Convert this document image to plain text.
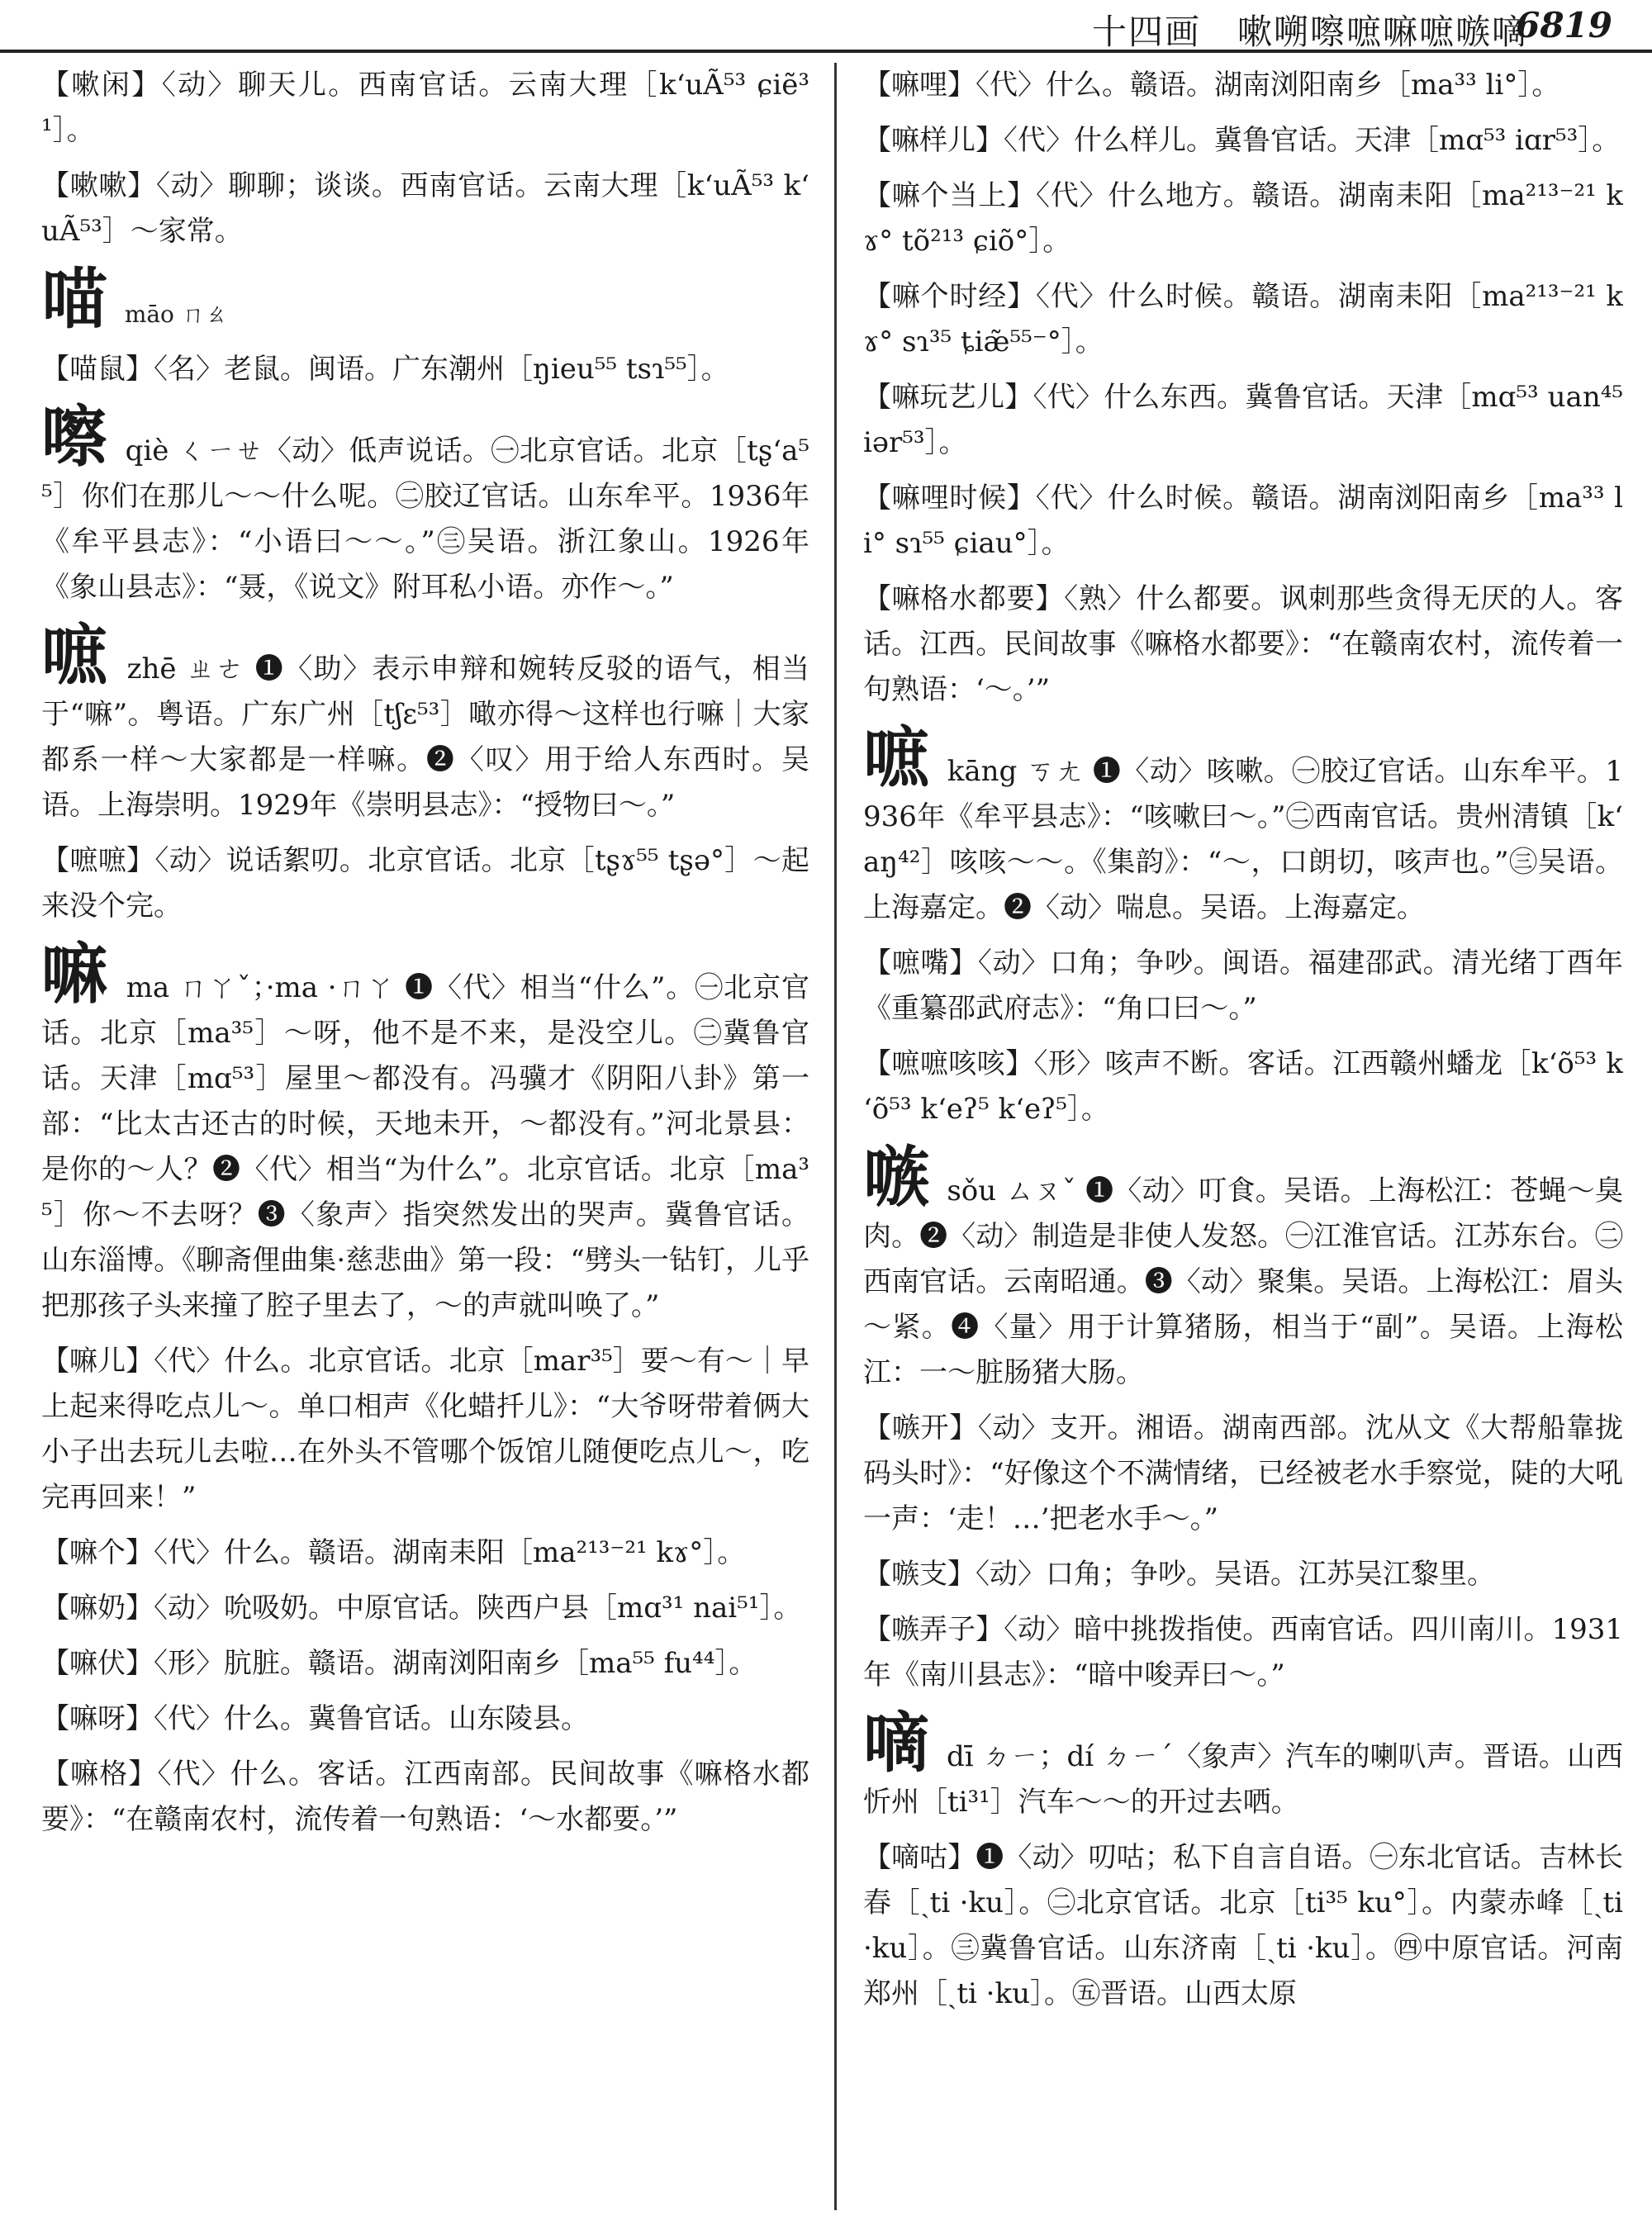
十四画　嗽嗍嚓嗻嘛嗻嗾嘀
6819
【嗽闲】〈动〉聊天儿。西南官话。云南大理［kʻuÃ⁵³ ɕiẽ³¹］。
【嗽嗽】〈动〉聊聊；谈谈。西南官话。云南大理［kʻuÃ⁵³ kʻuÃ⁵³］～家常。
喵 māo ㄇㄠ
【喵鼠】〈名〉老鼠。闽语。广东潮州［ŋieu⁵⁵ tsɿ⁵⁵］。
嚓 qiè ㄑㄧㄝ〈动〉低声说话。㊀北京官话。北京［tʂʻa⁵⁵］你们在那儿～～什么呢。㊁胶辽官话。山东牟平。1936年《牟平县志》：“小语曰～～。”㊂吴语。浙江象山。1926年《象山县志》：“聂，《说文》附耳私小语。亦作～。”
嗻 zhē ㄓㄜ ❶〈助〉表示申辩和婉转反驳的语气，相当于“嘛”。粤语。广东广州［tʃɛ⁵³］噉亦得～这样也行嘛｜大家都系一样～大家都是一样嘛。❷〈叹〉用于给人东西时。吴语。上海崇明。1929年《崇明县志》：“授物曰～。”
【嗻嗻】〈动〉说话絮叨。北京官话。北京［tʂɤ⁵⁵ tʂə°］～起来没个完。
嘛 ma ㄇㄚˇ；·ma ·ㄇㄚ ❶〈代〉相当“什么”。㊀北京官话。北京［ma³⁵］～呀，他不是不来，是没空儿。㊁冀鲁官话。天津［mɑ⁵³］屋里～都没有。冯骥才《阴阳八卦》第一部：“比太古还古的时候，天地未开，～都没有。”河北景县：是你的～人？❷〈代〉相当“为什么”。北京官话。北京［ma³⁵］你～不去呀？❸〈象声〉指突然发出的哭声。冀鲁官话。山东淄博。《聊斋俚曲集·慈悲曲》第一段：“劈头一钻钉，儿乎把那孩子头来撞了腔子里去了，～的声就叫唤了。”
【嘛儿】〈代〉什么。北京官话。北京［mar³⁵］要～有～｜早上起来得吃点儿～。单口相声《化蜡扦儿》：“大爷呀带着俩大小子出去玩儿去啦…在外头不管哪个饭馆儿随便吃点儿～，吃完再回来！”
【嘛个】〈代〉什么。赣语。湖南耒阳［ma²¹³⁻²¹ kɤ°］。
【嘛奶】〈动〉吮吸奶。中原官话。陕西户县［mɑ³¹ nai⁵¹］。
【嘛伏】〈形〉肮脏。赣语。湖南浏阳南乡［ma⁵⁵ fu⁴⁴］。
【嘛呀】〈代〉什么。冀鲁官话。山东陵县。
【嘛格】〈代〉什么。客话。江西南部。民间故事《嘛格水都要》：“在赣南农村，流传着一句熟语：‘～水都要。’”
【嘛哩】〈代〉什么。赣语。湖南浏阳南乡［ma³³ li°］。
【嘛样儿】〈代〉什么样儿。冀鲁官话。天津［mɑ⁵³ iɑr⁵³］。
【嘛个当上】〈代〉什么地方。赣语。湖南耒阳［ma²¹³⁻²¹ kɤ° tõ²¹³ ɕiõ°］。
【嘛个时经】〈代〉什么时候。赣语。湖南耒阳［ma²¹³⁻²¹ kɤ° sɿ³⁵ ȶiæ̃⁵⁵⁻°］。
【嘛玩艺儿】〈代〉什么东西。冀鲁官话。天津［mɑ⁵³ uan⁴⁵ iər⁵³］。
【嘛哩时候】〈代〉什么时候。赣语。湖南浏阳南乡［ma³³ li° sɿ⁵⁵ ɕiau°］。
【嘛格水都要】〈熟〉什么都要。讽刺那些贪得无厌的人。客话。江西。民间故事《嘛格水都要》：“在赣南农村，流传着一句熟语：‘～。’”
嗻 kāng ㄎㄤ ❶〈动〉咳嗽。㊀胶辽官话。山东牟平。1936年《牟平县志》：“咳嗽曰～。”㊁西南官话。贵州清镇［kʻaŋ⁴²］咳咳～～。《集韵》：“～，口朗切，咳声也。”㊂吴语。上海嘉定。❷〈动〉喘息。吴语。上海嘉定。
【嗻嘴】〈动〉口角；争吵。闽语。福建邵武。清光绪丁酉年《重纂邵武府志》：“角口曰～。”
【嗻嗻咳咳】〈形〉咳声不断。客话。江西赣州蟠龙［kʻõ⁵³ kʻõ⁵³ kʻeʔ⁵ kʻeʔ⁵］。
嗾 sǒu ㄙㄡˇ ❶〈动〉叮食。吴语。上海松江：苍蝇～臭肉。❷〈动〉制造是非使人发怒。㊀江淮官话。江苏东台。㊁西南官话。云南昭通。❸〈动〉聚集。吴语。上海松江：眉头～紧。❹〈量〉用于计算猪肠，相当于“副”。吴语。上海松江：一～脏肠猪大肠。
【嗾开】〈动〉支开。湘语。湖南西部。沈从文《大帮船靠拢码头时》：“好像这个不满情绪，已经被老水手察觉，陡的大吼一声：‘走！…’把老水手～。”
【嗾支】〈动〉口角；争吵。吴语。江苏吴江黎里。
【嗾弄子】〈动〉暗中挑拨指使。西南官话。四川南川。1931年《南川县志》：“暗中唆弄曰～。”
嘀 dī ㄉㄧ；dí ㄉㄧˊ〈象声〉汽车的喇叭声。晋语。山西忻州［ti³¹］汽车～～的开过去哂。
【嘀咕】❶〈动〉叨咕；私下自言自语。㊀东北官话。吉林长春［ˏti ·ku］。㊁北京官话。北京［ti³⁵ ku°］。内蒙赤峰［ˏti ·ku］。㊂冀鲁官话。山东济南［ˏti ·ku］。㊃中原官话。河南郑州［ˏti ·ku］。㊄晋语。山西太原
